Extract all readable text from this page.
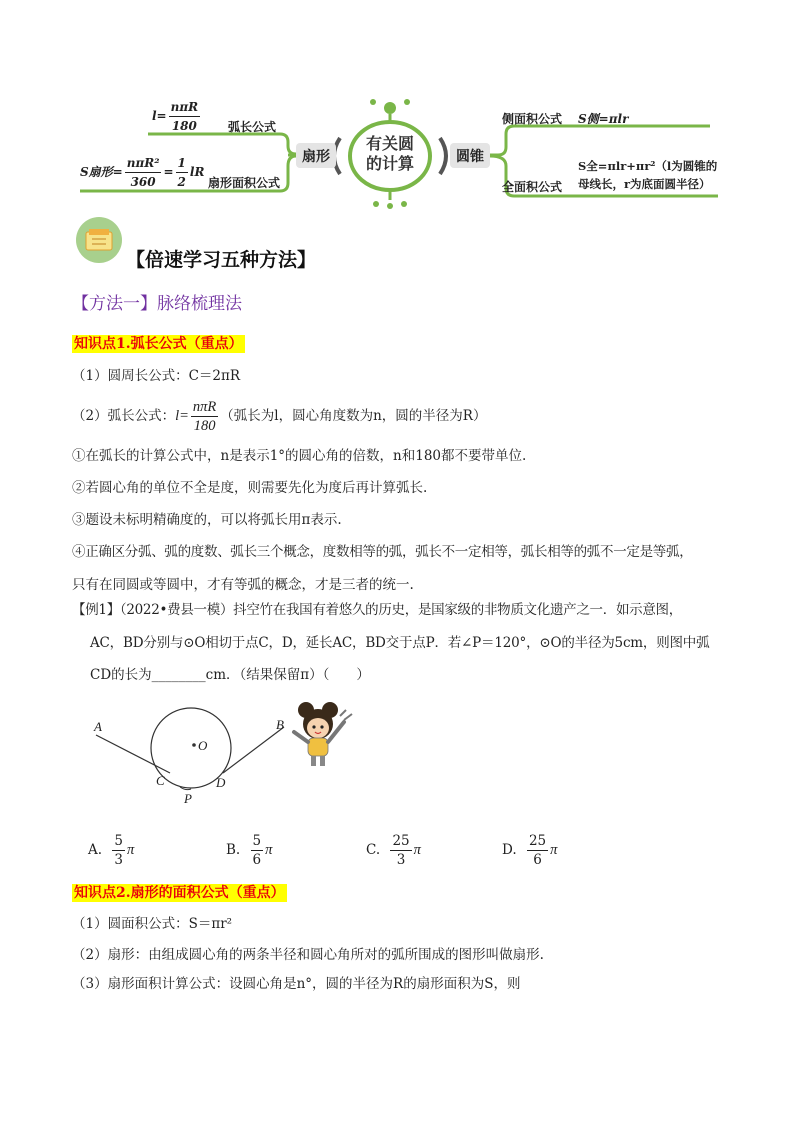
有关圆
的计算
扇形	圆锥
$l= \frac{\text{nπR}}{180}$ 弧长公式
S扇形= $\frac{\text{nπR²}}{360} = \frac{1}{2}$ lR
扇形面积公式
侧面积公式 S侧=πlr
全面积公式
S全=πlr+πr²（l为圆锥的
母线长，r为底面圆半径）
【倍速学习五种方法】
【方法一】脉络梳理法
知识点1.弧长公式（重点）
（1）圆周长公式：C＝2πR
（2）弧长公式：$l= \frac{\text{nπR}}{180}$ （弧长为l，圆心角度数为n，圆的半径为R）
①在弧长的计算公式中，n是表示1°的圆心角的倍数，n和180都不要带单位.
②若圆心角的单位不全是度，则需要先化为度后再计算弧长.
③题设未标明精确度的，可以将弧长用π表示.
④正确区分弧、弧的度数、弧长三个概念，度数相等的弧，弧长不一定相等，弧长相等的弧不一定是等弧，
只有在同圆或等圆中，才有等弧的概念，才是三者的统一.
【例1】（2022•费县一模）抖空竹在我国有着悠久的历史，是国家级的非物质文化遗产之一．如示意图，
AC，BD分别与⊙O相切于点C，D，延长AC，BD交于点P．若∠P＝120°，⊙O的半径为5cm，则图中弧
CD的长为________cm．（结果保留π）（　　）
A	B
C	D
O
P
A. $\frac{5}{3}$ π	B. $\frac{5}{6}$ π	C. $\frac{25}{3}$ π	D. $\frac{25}{6}$ π
知识点2.扇形的面积公式（重点）
（1）圆面积公式：S＝πr²
（2）扇形：由组成圆心角的两条半径和圆心角所对的弧所围成的图形叫做扇形.
（3）扇形面积计算公式：设圆心角是n°，圆的半径为R的扇形面积为S，则
